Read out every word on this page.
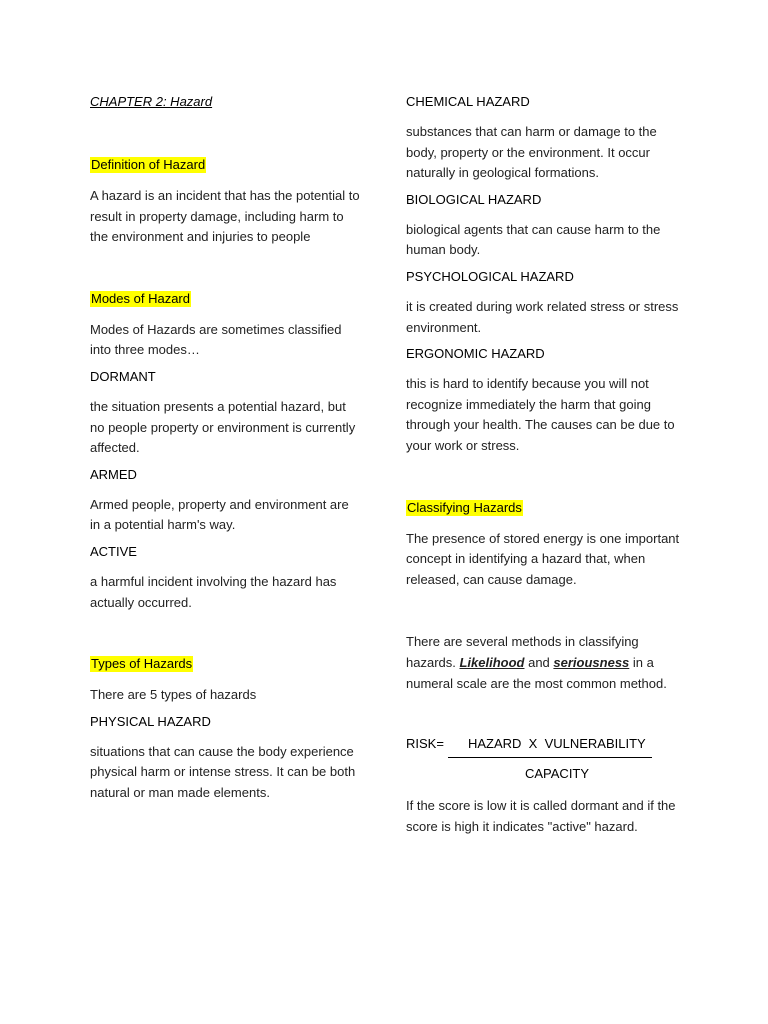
CHAPTER 2: Hazard

Definition of Hazard

A hazard is an incident that has the potential to result in property damage, including harm to the environment and injuries to people

Modes of Hazard

Modes of Hazards are sometimes classified into three modes…

DORMANT

the situation presents a potential hazard, but no people property or environment is currently affected.

ARMED

Armed people, property and environment are in a potential harm's way.

ACTIVE

a harmful incident involving the hazard has actually occurred.

Types of Hazards

There are 5 types of hazards

PHYSICAL HAZARD

situations that can cause the body experience physical harm or intense stress. It can be both natural or man made elements.

CHEMICAL HAZARD

substances that can harm or damage to the body, property or the environment. It occur naturally in geological formations.

BIOLOGICAL HAZARD

biological agents that can cause harm to the human body.

PSYCHOLOGICAL HAZARD

it is created during work related stress or stress environment.

ERGONOMIC HAZARD

this is hard to identify because you will not recognize immediately the harm that going through your health. The causes can be due to your work or stress.

Classifying Hazards

The presence of stored energy is one important concept in identifying a hazard that, when released, can cause damage.

There are several methods in classifying hazards. Likelihood and seriousness in a numeral scale are the most common method.

RISK= HAZARD  X  VULNERABILITY
CAPACITY

If the score is low it is called dormant and if the score is high it indicates "active" hazard.
